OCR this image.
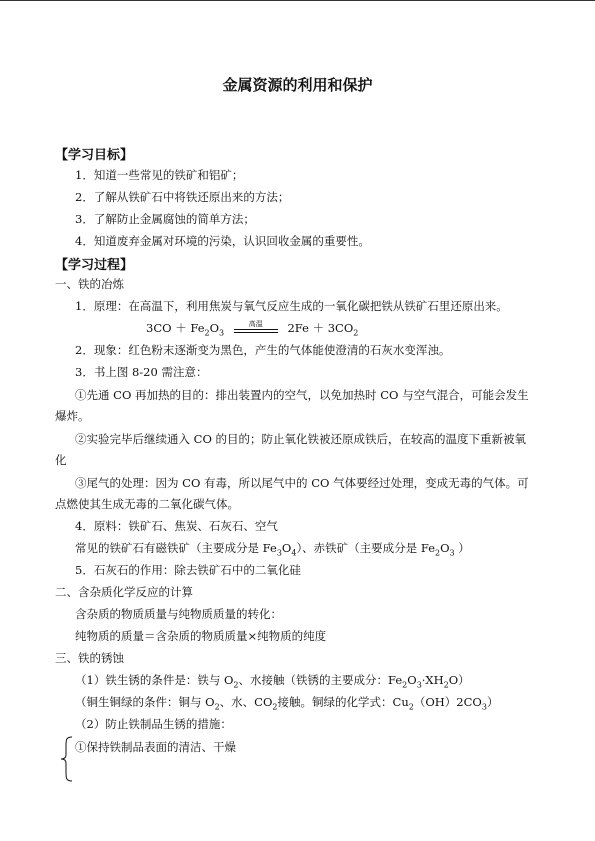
金属资源的利用和保护
【学习目标】
1．知道一些常见的铁矿和铝矿；
2．了解从铁矿石中将铁还原出来的方法；
3．了解防止金属腐蚀的简单方法；
4．知道废弃金属对环境的污染，认识回收金属的重要性。
【学习过程】
一、铁的冶炼
1．原理：在高温下，利用焦炭与氧气反应生成的一氧化碳把铁从铁矿石里还原出来。
$3CO + Fe_2O_3$
高温	$2Fe + 3CO_2$
2．现象：红色粉末逐渐变为黑色，产生的气体能使澄清的石灰水变浑浊。
3．书上图 8-20 需注意：
①先通 CO 再加热的目的：排出装置内的空气，以免加热时 CO 与空气混合，可能会发生
爆炸。
②实验完毕后继续通入 CO 的目的；防止氧化铁被还原成铁后，在较高的温度下重新被氧
化
③尾气的处理：因为 CO 有毒，所以尾气中的 CO 气体要经过处理，变成无毒的气体。可
点燃使其生成无毒的二氧化碳气体。
4．原料：铁矿石、焦炭、石灰石、空气
常见的铁矿石有磁铁矿（主要成分是 $Fe_3O_4$）、赤铁矿（主要成分是 $Fe_2O_3$ ）
5．石灰石的作用：除去铁矿石中的二氧化硅
二、含杂质化学反应的计算
含杂质的物质质量与纯物质质量的转化：
纯物质的质量＝含杂质的物质质量×纯物质的纯度
三、铁的锈蚀
（1）铁生锈的条件是：铁与 $O_2$、水接触（铁锈的主要成分：$Fe_2O_3\cdot XH_2O$）
（铜生铜绿的条件：铜与 $O_2$、水、$CO_2$接触。铜绿的化学式：$Cu_2(OH)2CO_3$）
（2）防止铁制品生锈的措施：
①保持铁制品表面的清洁、干燥
